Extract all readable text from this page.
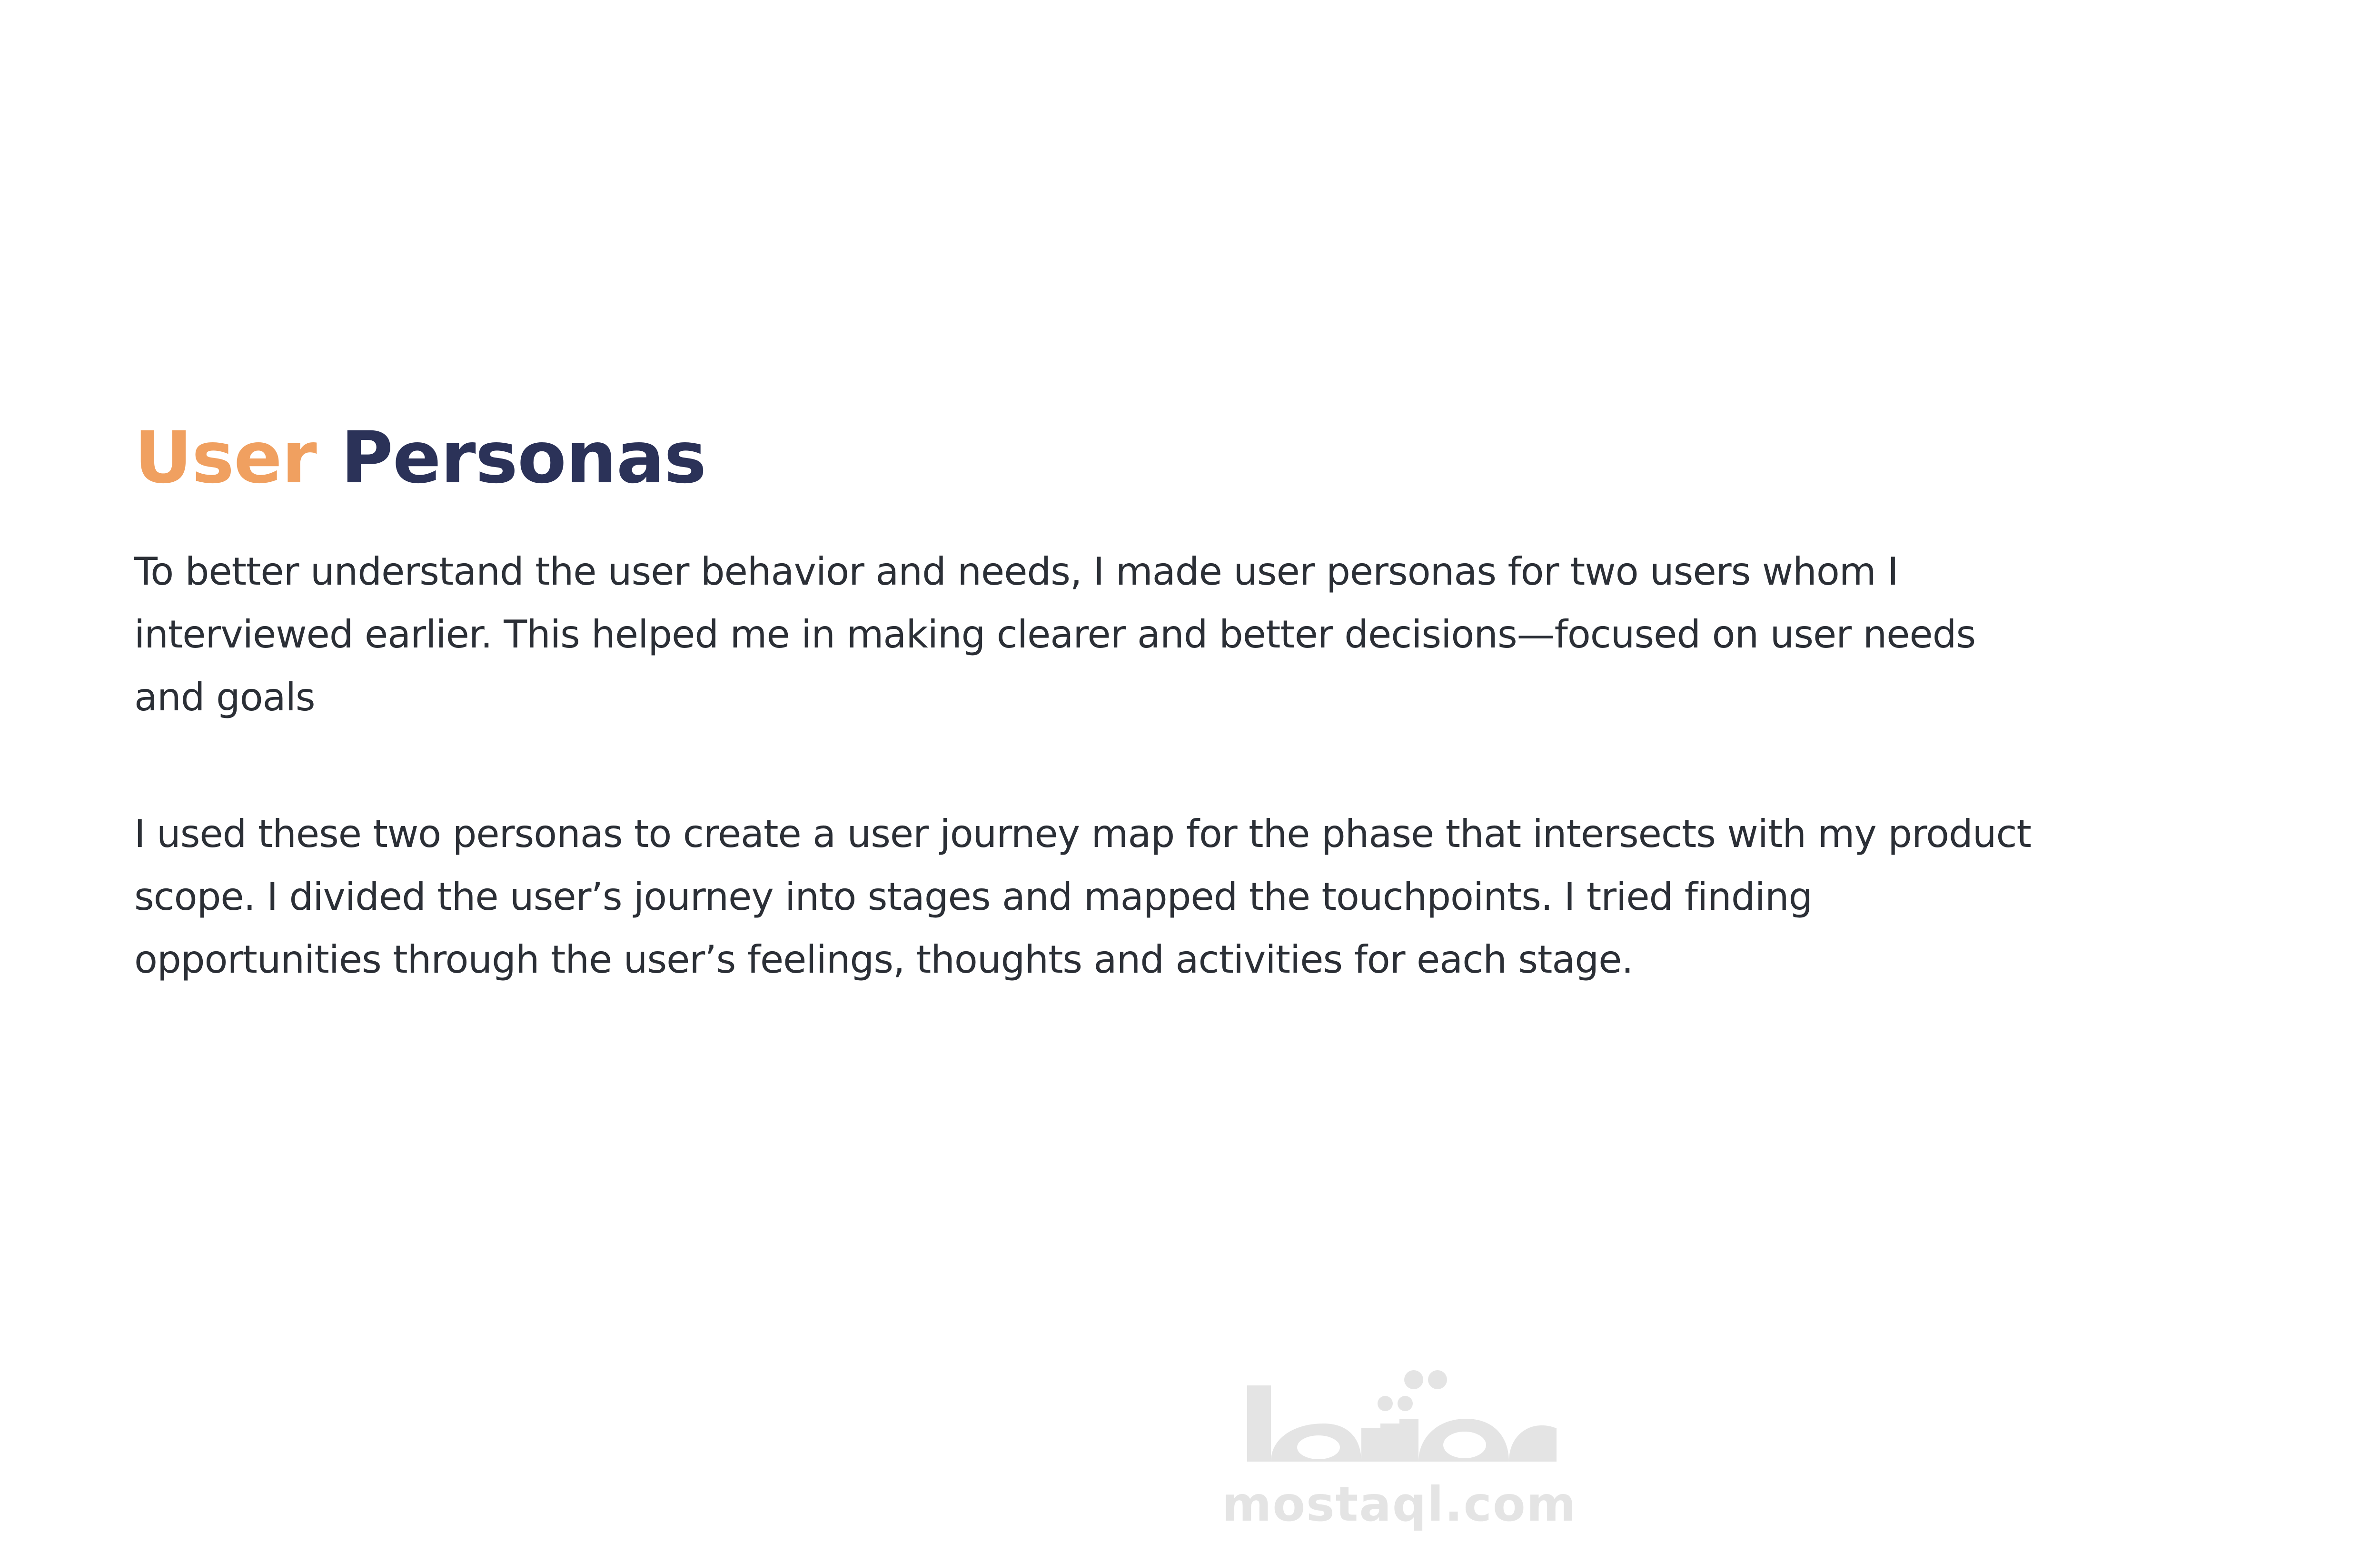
User Personas

To better understand the user behavior and needs, I made user personas for two users whom I interviewed earlier. This helped me in making clearer and better decisions—focused on user needs and goals

I used these two personas to create a user journey map for the phase that intersects with my product scope. I divided the user’s journey into stages and mapped the touchpoints. I tried finding opportunities through the user’s feelings, thoughts and activities for each stage.

mostaql.com
